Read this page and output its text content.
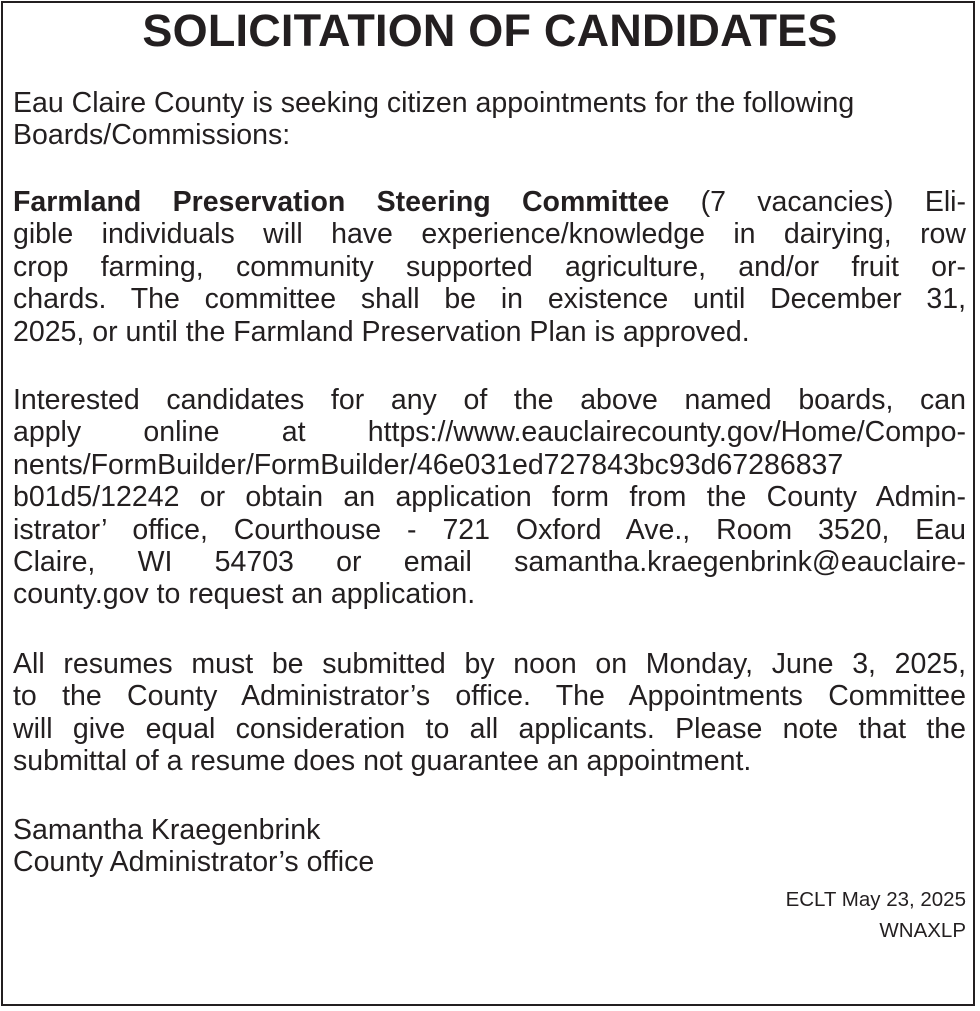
SOLICITATION OF CANDIDATES
Eau Claire County is seeking citizen appointments for the following Boards/Commissions:
Farmland Preservation Steering Committee (7 vacancies) Eli-
gible individuals will have experience/knowledge in dairying, row
crop farming, community supported agriculture, and/or fruit or-
chards. The committee shall be in existence until December 31,
2025, or until the Farmland Preservation Plan is approved.
Interested candidates for any of the above named boards, can
apply online at https://www.eauclairecounty.gov/Home/Compo-
nents/FormBuilder/FormBuilder/46e031ed727843bc93d67286837
b01d5/12242 or obtain an application form from the County Admin-
istrator’ office, Courthouse - 721 Oxford Ave., Room 3520, Eau
Claire, WI 54703 or email samantha.kraegenbrink@eauclaire-
county.gov to request an application.
All resumes must be submitted by noon on Monday, June 3, 2025,
to the County Administrator’s office. The Appointments Committee
will give equal consideration to all applicants. Please note that the
submittal of a resume does not guarantee an appointment.
Samantha Kraegenbrink
County Administrator’s office
ECLT May 23, 2025
WNAXLP
